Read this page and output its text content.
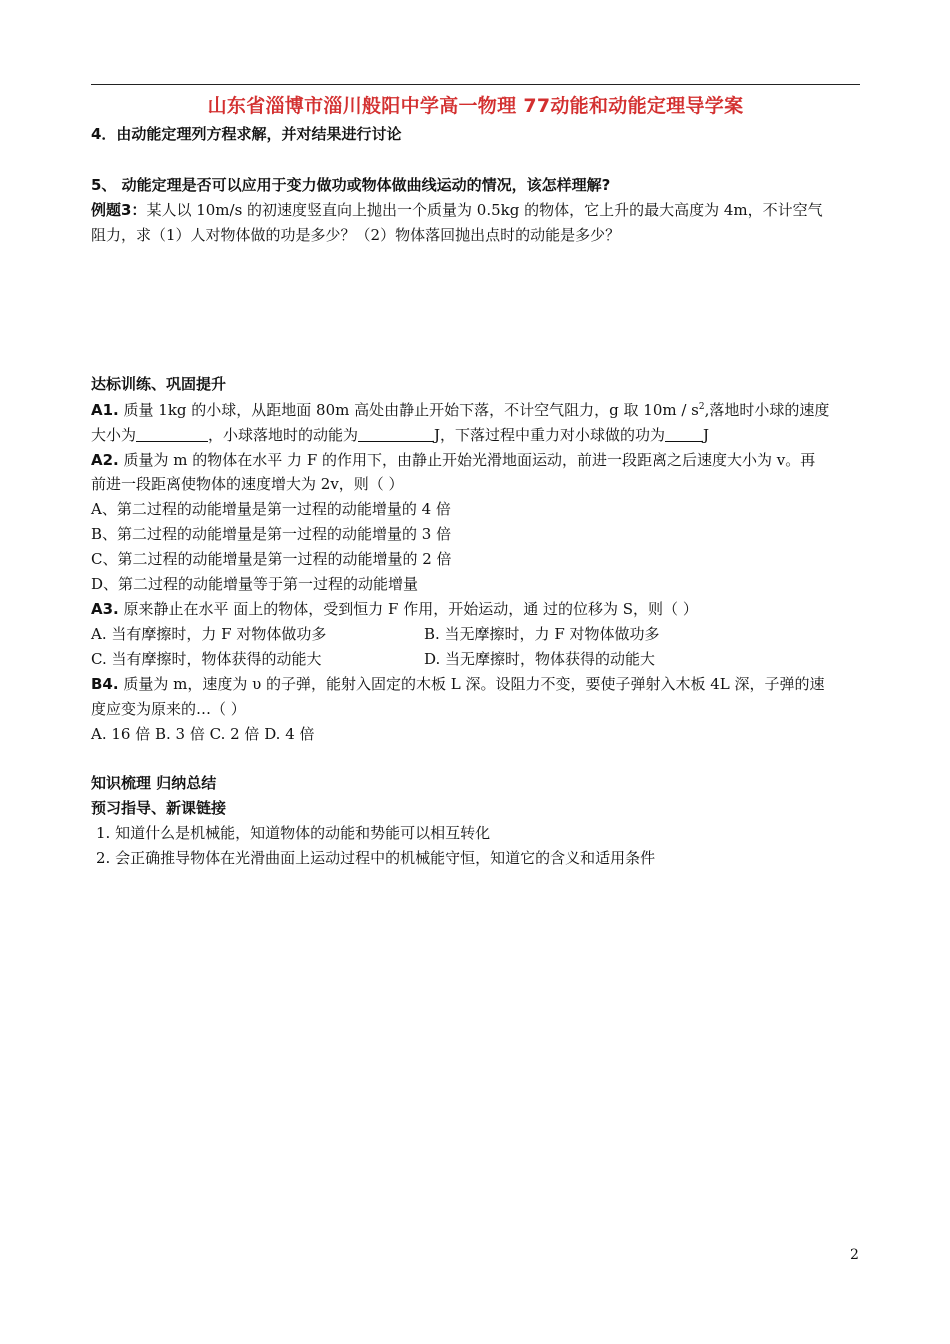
山东省淄博市淄川般阳中学高一物理 77动能和动能定理导学案
4．由动能定理列方程求解，并对结果进行讨论
5、 动能定理是否可以应用于变力做功或物体做曲线运动的情况，该怎样理解?
例题3：某人以 10m/s 的初速度竖直向上抛出一个质量为 0.5kg 的物体，它上升的最大高度为 4m，不计空气
阻力，求（1）人对物体做的功是多少？（2）物体落回抛出点时的动能是多少？
达标训练、巩固提升
A1. 质量 1kg 的小球，从距地面 80m 高处由静止开始下落，不计空气阻力，g 取 $10m / s^2$,落地时小球的速度
大小为	，小球落地时的动能为	J，下落过程中重力对小球做的功为	J
A2. 质量为 m 的物体在水平 力 F 的作用下，由静止开始光滑地面运动，前进一段距离之后速度大小为 v。再
前进一段距离使物体的速度增大为 2v，则（ ）
A、第二过程的动能增量是第一过程的动能增量的 4 倍
B、第二过程的动能增量是第一过程的动能增量的 3 倍
C、第二过程的动能增量是第一过程的动能增量的 2 倍
D、第二过程的动能增量等于第一过程的动能增量
A3. 原来静止在水平 面上的物体，受到恒力 F 作用，开始运动，通 过的位移为 S，则（ ）
A. 当有摩擦时，力 F 对物体做功多	B. 当无摩擦时，力 F 对物体做功多
C. 当有摩擦时，物体获得的动能大	D. 当无摩擦时，物体获得的动能大
B4. 质量为 m，速度为 υ 的子弹，能射入固定的木板 L 深。设阻力不变，要使子弹射入木板 4L 深，子弹的速
度应变为原来的…（ ）
A. 16 倍 B. 3 倍 C. 2 倍 D. 4 倍
知识梳理 归纳总结
预习指导、新课链接
1. 知道什么是机械能，知道物体的动能和势能可以相互转化
2. 会正确推导物体在光滑曲面上运动过程中的机械能守恒，知道它的含义和适用条件
2
